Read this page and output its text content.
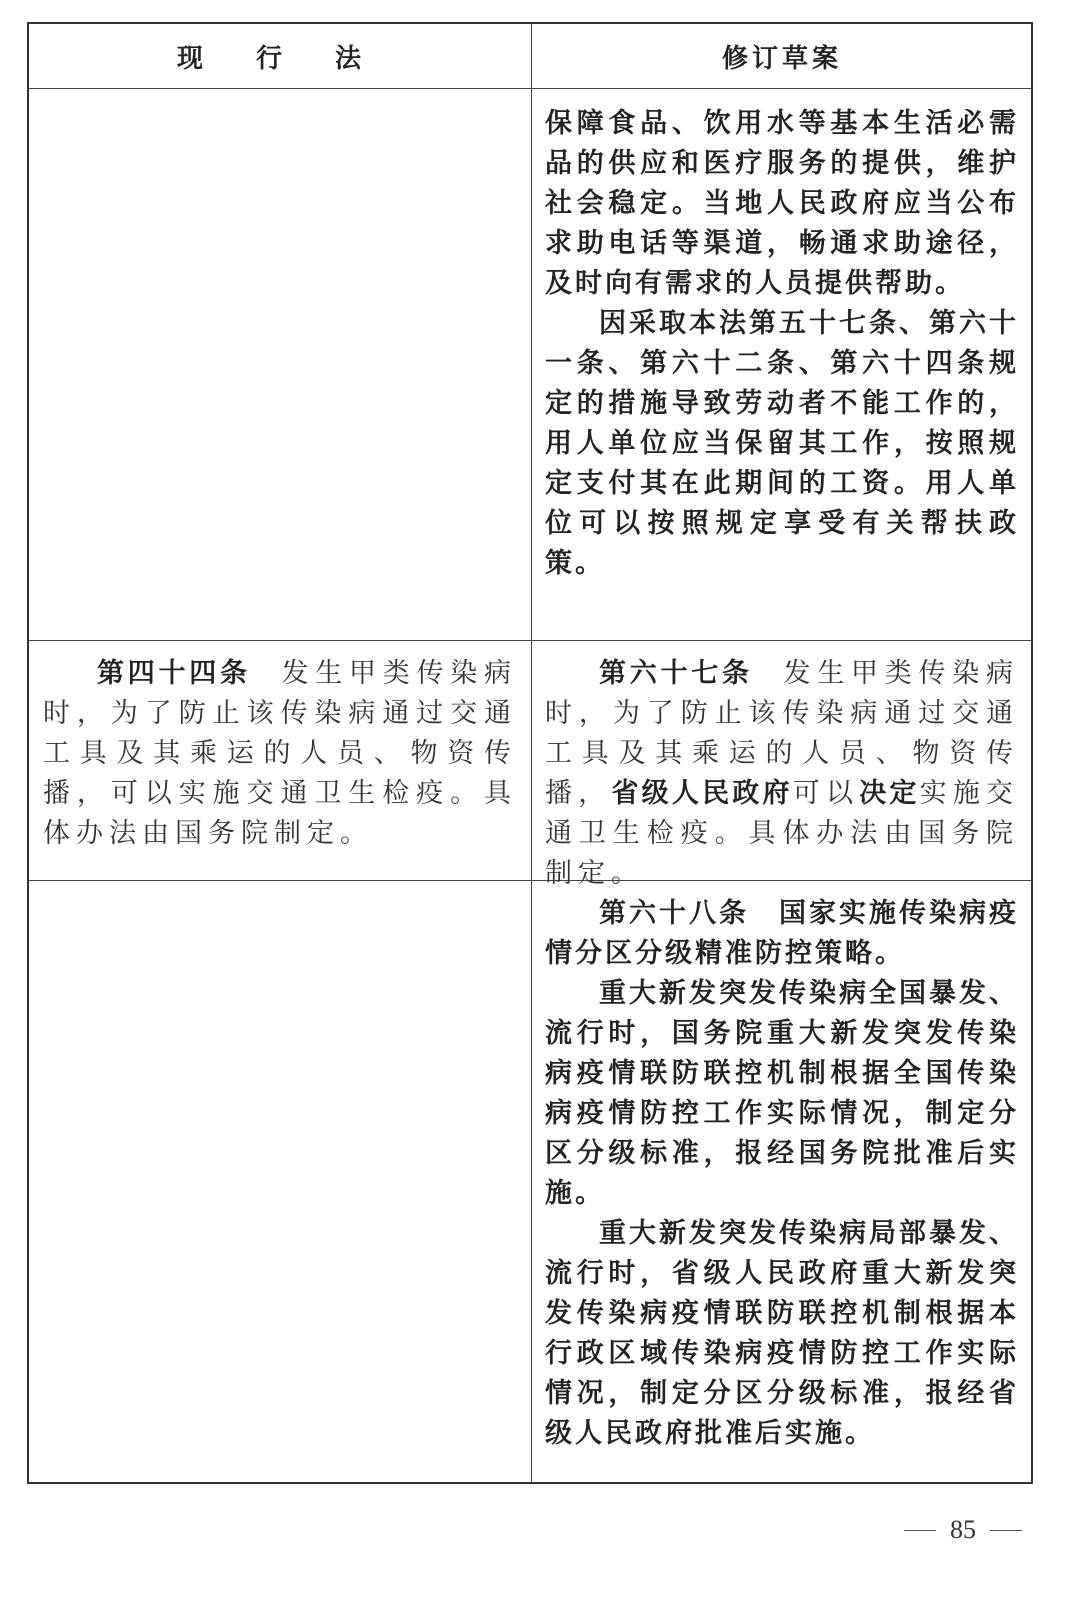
现 行 法	修订草案

保障食品、饮用水等基本生活必需品的供应和医疗服务的提供，维护社会稳定。当地人民政府应当公布求助电话等渠道，畅通求助途径，及时向有需求的人员提供帮助。

因采取本法第五十七条、第六十一条、第六十二条、第六十四条规定的措施导致劳动者不能工作的，用人单位应当保留其工作，按照规定支付其在此期间的工资。用人单位可以按照规定享受有关帮扶政策。

第四十四条　 发生甲类传染病时，为了防止该传染病通过交通工具及其乘运的人员、物资传播，可以实施交通卫生检疫。具体办法由国务院制定。

第六十七条　 发生甲类传染病时，为了防止该传染病通过交通工具及其乘运的人员、物资传播，省级人民政府可以决定实施交通卫生检疫。具体办法由国务院制定。

第六十八条　国家实施传染病疫情分区分级精准防控策略。

重大新发突发传染病全国暴发、流行时，国务院重大新发突发传染病疫情联防联控机制根据全国传染病疫情防控工作实际情况，制定分区分级标准，报经国务院批准后实施。

重大新发突发传染病局部暴发、流行时，省级人民政府重大新发突发传染病疫情联防联控机制根据本行政区域传染病疫情防控工作实际情况，制定分区分级标准，报经省级人民政府批准后实施。

85
